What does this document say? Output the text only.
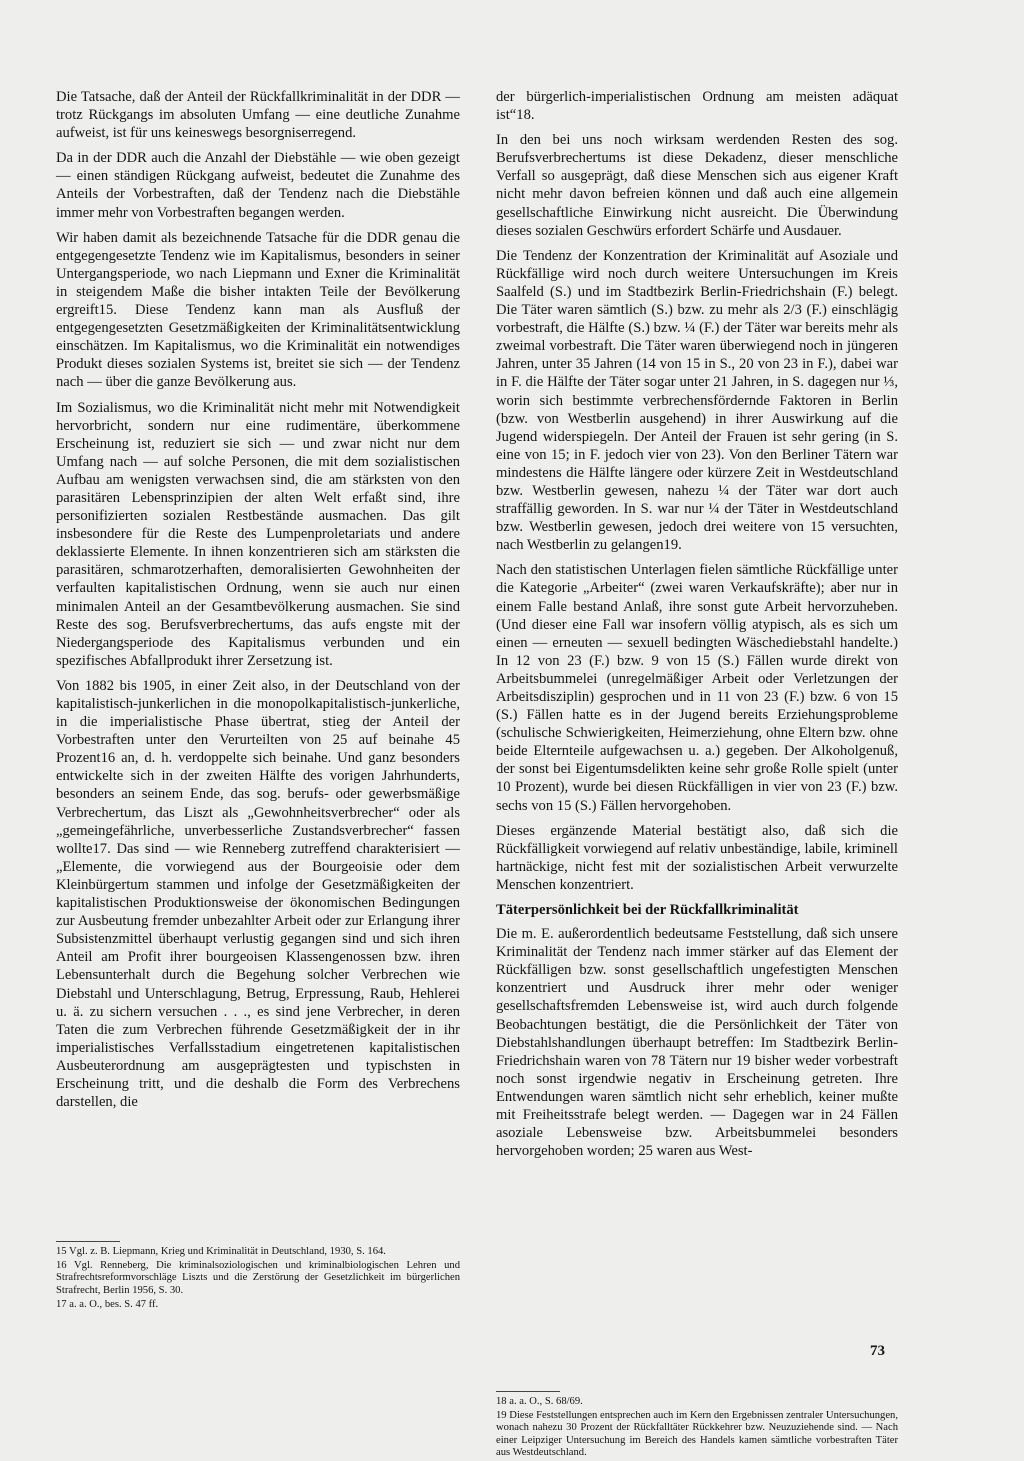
Die Tatsache, daß der Anteil der Rückfallkriminalität in der DDR — trotz Rückgangs im absoluten Umfang — eine deutliche Zunahme aufweist, ist für uns keineswegs besorgniserregend.

Da in der DDR auch die Anzahl der Diebstähle — wie oben gezeigt — einen ständigen Rückgang aufweist, bedeutet die Zunahme des Anteils der Vorbestraften, daß der Tendenz nach die Diebstähle immer mehr von Vorbestraften begangen werden.

Wir haben damit als bezeichnende Tatsache für die DDR genau die entgegengesetzte Tendenz wie im Kapitalismus, besonders in seiner Untergangsperiode, wo nach Liepmann und Exner die Kriminalität in steigendem Maße die bisher intakten Teile der Bevölkerung ergreift15. Diese Tendenz kann man als Ausfluß der entgegengesetzten Gesetzmäßigkeiten der Kriminalitätsentwicklung einschätzen. Im Kapitalismus, wo die Kriminalität ein notwendiges Produkt dieses sozialen Systems ist, breitet sie sich — der Tendenz nach — über die ganze Bevölkerung aus.

Im Sozialismus, wo die Kriminalität nicht mehr mit Notwendigkeit hervorbricht, sondern nur eine rudimentäre, überkommene Erscheinung ist, reduziert sie sich — und zwar nicht nur dem Umfang nach — auf solche Personen, die mit dem sozialistischen Aufbau am wenigsten verwachsen sind, die am stärksten von den parasitären Lebensprinzipien der alten Welt erfaßt sind, ihre personifizierten sozialen Restbestände ausmachen. Das gilt insbesondere für die Reste des Lumpenproletariats und andere deklassierte Elemente. In ihnen konzentrieren sich am stärksten die parasitären, schmarotzerhaften, demoralisierten Gewohnheiten der verfaulten kapitalistischen Ordnung, wenn sie auch nur einen minimalen Anteil an der Gesamtbevölkerung ausmachen. Sie sind Reste des sog. Berufsverbrechertums, das aufs engste mit der Niedergangsperiode des Kapitalismus verbunden und ein spezifisches Abfallprodukt ihrer Zersetzung ist.

Von 1882 bis 1905, in einer Zeit also, in der Deutschland von der kapitalistisch-junkerlichen in die monopolkapitalistisch-junkerliche, in die imperialistische Phase übertrat, stieg der Anteil der Vorbestraften unter den Verurteilten von 25 auf beinahe 45 Prozent16 an, d. h. verdoppelte sich beinahe. Und ganz besonders entwickelte sich in der zweiten Hälfte des vorigen Jahrhunderts, besonders an seinem Ende, das sog. berufs- oder gewerbsmäßige Verbrechertum, das Liszt als „Gewohnheitsverbrecher“ oder als „gemeingefährliche, unverbesserliche Zustandsverbrecher“ fassen wollte17. Das sind — wie Renneberg zutreffend charakterisiert — „Elemente, die vorwiegend aus der Bourgeoisie oder dem Kleinbürgertum stammen und infolge der Gesetzmäßigkeiten der kapitalistischen Produktionsweise der ökonomischen Bedingungen zur Ausbeutung fremder unbezahlter Arbeit oder zur Erlangung ihrer Subsistenzmittel überhaupt verlustig gegangen sind und sich ihren Anteil am Profit ihrer bourgeoisen Klassengenossen bzw. ihren Lebensunterhalt durch die Begehung solcher Verbrechen wie Diebstahl und Unterschlagung, Betrug, Erpressung, Raub, Hehlerei u. ä. zu sichern versuchen . . ., es sind jene Verbrecher, in deren Taten die zum Verbrechen führende Gesetzmäßigkeit der in ihr imperialistisches Verfallsstadium eingetretenen kapitalistischen Ausbeuterordnung am ausgeprägtesten und typischsten in Erscheinung tritt, und die deshalb die Form des Verbrechens darstellen, die

15 Vgl. z. B. Liepmann, Krieg und Kriminalität in Deutschland, 1930, S. 164.

16 Vgl. Renneberg, Die kriminalsoziologischen und kriminalbiologischen Lehren und Strafrechtsreformvorschläge Liszts und die Zerstörung der Gesetzlichkeit im bürgerlichen Strafrecht, Berlin 1956, S. 30.

17 a. a. O., bes. S. 47 ff.

der bürgerlich-imperialistischen Ordnung am meisten adäquat ist“18.

In den bei uns noch wirksam werdenden Resten des sog. Berufsverbrechertums ist diese Dekadenz, dieser menschliche Verfall so ausgeprägt, daß diese Menschen sich aus eigener Kraft nicht mehr davon befreien können und daß auch eine allgemein gesellschaftliche Einwirkung nicht ausreicht. Die Überwindung dieses sozialen Geschwürs erfordert Schärfe und Ausdauer.

Die Tendenz der Konzentration der Kriminalität auf Asoziale und Rückfällige wird noch durch weitere Untersuchungen im Kreis Saalfeld (S.) und im Stadtbezirk Berlin-Friedrichshain (F.) belegt. Die Täter waren sämtlich (S.) bzw. zu mehr als 2/3 (F.) einschlägig vorbestraft, die Hälfte (S.) bzw. ¼ (F.) der Täter war bereits mehr als zweimal vorbestraft. Die Täter waren überwiegend noch in jüngeren Jahren, unter 35 Jahren (14 von 15 in S., 20 von 23 in F.), dabei war in F. die Hälfte der Täter sogar unter 21 Jahren, in S. dagegen nur ⅓, worin sich bestimmte verbrechensfördernde Faktoren in Berlin (bzw. von Westberlin ausgehend) in ihrer Auswirkung auf die Jugend widerspiegeln. Der Anteil der Frauen ist sehr gering (in S. eine von 15; in F. jedoch vier von 23). Von den Berliner Tätern war mindestens die Hälfte längere oder kürzere Zeit in Westdeutschland bzw. Westberlin gewesen, nahezu ¼ der Täter war dort auch straffällig geworden. In S. war nur ¼ der Täter in Westdeutschland bzw. Westberlin gewesen, jedoch drei weitere von 15 versuchten, nach Westberlin zu gelangen19.

Nach den statistischen Unterlagen fielen sämtliche Rückfällige unter die Kategorie „Arbeiter“ (zwei waren Verkaufskräfte); aber nur in einem Falle bestand Anlaß, ihre sonst gute Arbeit hervorzuheben. (Und dieser eine Fall war insofern völlig atypisch, als es sich um einen — erneuten — sexuell bedingten Wäschediebstahl handelte.) In 12 von 23 (F.) bzw. 9 von 15 (S.) Fällen wurde direkt von Arbeitsbummelei (unregelmäßiger Arbeit oder Verletzungen der Arbeitsdisziplin) gesprochen und in 11 von 23 (F.) bzw. 6 von 15 (S.) Fällen hatte es in der Jugend bereits Erziehungsprobleme (schulische Schwierigkeiten, Heimerziehung, ohne Eltern bzw. ohne beide Elternteile aufgewachsen u. a.) gegeben. Der Alkoholgenuß, der sonst bei Eigentumsdelikten keine sehr große Rolle spielt (unter 10 Prozent), wurde bei diesen Rückfälligen in vier von 23 (F.) bzw. sechs von 15 (S.) Fällen hervorgehoben.

Dieses ergänzende Material bestätigt also, daß sich die Rückfälligkeit vorwiegend auf relativ unbeständige, labile, kriminell hartnäckige, nicht fest mit der sozialistischen Arbeit verwurzelte Menschen konzentriert.

Täterpersönlichkeit bei der Rückfallkriminalität

Die m. E. außerordentlich bedeutsame Feststellung, daß sich unsere Kriminalität der Tendenz nach immer stärker auf das Element der Rückfälligen bzw. sonst gesellschaftlich ungefestigten Menschen konzentriert und Ausdruck ihrer mehr oder weniger gesellschaftsfremden Lebensweise ist, wird auch durch folgende Beobachtungen bestätigt, die die Persönlichkeit der Täter von Diebstahlshandlungen überhaupt betreffen: Im Stadtbezirk Berlin-Friedrichshain waren von 78 Tätern nur 19 bisher weder vorbestraft noch sonst irgendwie negativ in Erscheinung getreten. Ihre Entwendungen waren sämtlich nicht sehr erheblich, keiner mußte mit Freiheitsstrafe belegt werden. — Dagegen war in 24 Fällen asoziale Lebensweise bzw. Arbeitsbummelei besonders hervorgehoben worden; 25 waren aus West-

18 a. a. O., S. 68/69.

19 Diese Feststellungen entsprechen auch im Kern den Ergebnissen zentraler Untersuchungen, wonach nahezu 30 Prozent der Rückfalltäter Rückkehrer bzw. Neuzuziehende sind. — Nach einer Leipziger Untersuchung im Bereich des Handels kamen sämtliche vorbestraften Täter aus Westdeutschland.

73
